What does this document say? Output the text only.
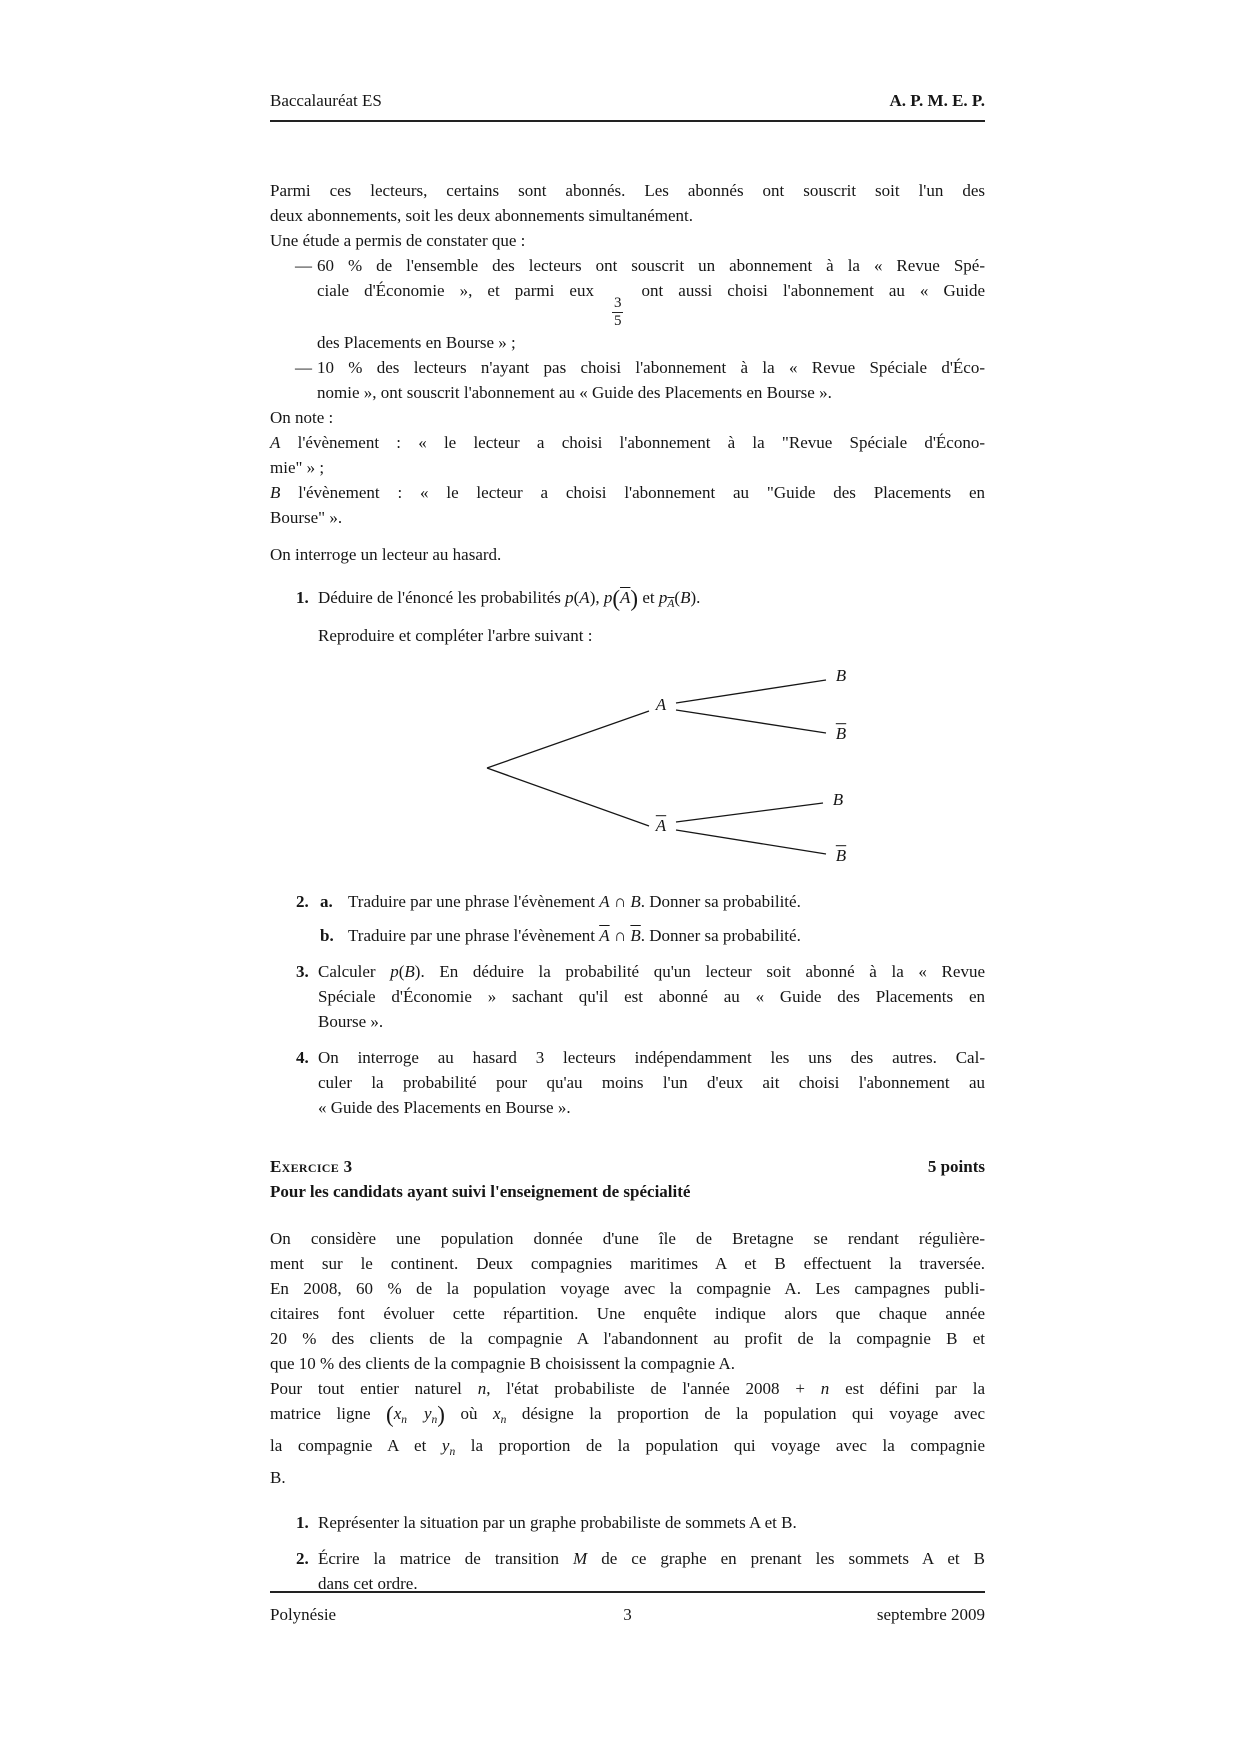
Baccalauréat ES	A. P. M. E. P.
Parmi ces lecteurs, certains sont abonnés. Les abonnés ont souscrit soit l'un des
deux abonnements, soit les deux abonnements simultanément.
Une étude a permis de constater que :
— 60 % de l'ensemble des lecteurs ont souscrit un abonnement à la « Revue Spé-
ciale d'Économie », et parmi eux
$\frac{3}{5}$
ont aussi choisi l'abonnement au « Guide
des Placements en Bourse » ;
— 10 % des lecteurs n'ayant pas choisi l'abonnement à la « Revue Spéciale d'Éco-
nomie », ont souscrit l'abonnement au « Guide des Placements en Bourse ».
On note :
A l'évènement : « le lecteur a choisi l'abonnement à la "Revue Spéciale d'Écono-
mie" » ;
B l'évènement : « le lecteur a choisi l'abonnement au "Guide des Placements en
Bourse" ».
On interroge un lecteur au hasard.
1. Déduire de l'énoncé les probabilités p(A), $p(\overline{A})$ et $p_{\overline{A}}(B)$.
Reproduire et compléter l'arbre suivant :
A
$\overline{A}$
B
$\overline{B}$
B
$\overline{B}$
2. a. Traduire par une phrase l'évènement A ∩ B. Donner sa probabilité.
b. Traduire par une phrase l'évènement $\overline{A}$ ∩ $\overline{B}$. Donner sa probabilité.
3. Calculer p(B). En déduire la probabilité qu'un lecteur soit abonné à la « Revue
Spéciale d'Économie » sachant qu'il est abonné au « Guide des Placements en
Bourse ».
4. On interroge au hasard 3 lecteurs indépendamment les uns des autres. Cal-
culer la probabilité pour qu'au moins l'un d'eux ait choisi l'abonnement au
« Guide des Placements en Bourse ».
Exercice 3	5 points
Pour les candidats ayant suivi l'enseignement de spécialité
On considère une population donnée d'une île de Bretagne se rendant régulière-
ment sur le continent. Deux compagnies maritimes A et B effectuent la traversée.
En 2008, 60 % de la population voyage avec la compagnie A. Les campagnes publi-
citaires font évoluer cette répartition. Une enquête indique alors que chaque année
20 % des clients de la compagnie A l'abandonnent au profit de la compagnie B et
que 10 % des clients de la compagnie B choisissent la compagnie A.
Pour tout entier naturel n, l'état probabiliste de l'année 2008 + n est défini par la
matrice ligne ($x_n$   $y_n$) où $x_n$ désigne la proportion de la population qui voyage avec
la compagnie A et $y_n$ la proportion de la population qui voyage avec la compagnie
B.
1. Représenter la situation par un graphe probabiliste de sommets A et B.
2. Écrire la matrice de transition M de ce graphe en prenant les sommets A et B
dans cet ordre.
Polynésie	3	septembre 2009
